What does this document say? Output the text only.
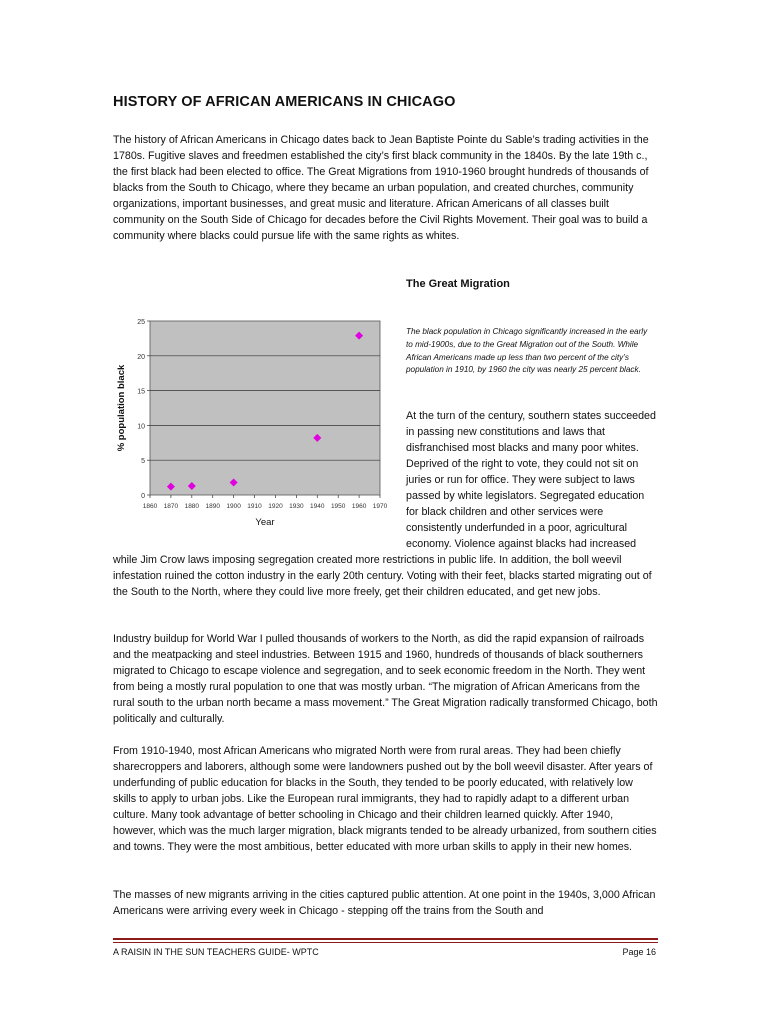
HISTORY OF AFRICAN AMERICANS IN CHICAGO
The history of African Americans in Chicago dates back to Jean Baptiste Pointe du Sable’s trading activities in the 1780s. Fugitive slaves and freedmen established the city’s first black community in the 1840s. By the late 19th c., the first black had been elected to office. The Great Migrations from 1910-1960 brought hundreds of thousands of blacks from the South to Chicago, where they became an urban population, and created churches, community organizations, important businesses, and great music and literature. African Americans of all classes built community on the South Side of Chicago for decades before the Civil Rights Movement. Their goal was to build a community where blacks could pursue life with the same rights as whites.
The Great Migration
0
5
10
15
20
25
1860 1870 1880 1890 1900 1910 1920 1930 1940 1950 1960 1970
Year
% population black
The black population in Chicago significantly increased in the early to mid-1900s, due to the Great Migration out of the South. While African Americans made up less than two percent of the city’s population in 1910, by 1960 the city was nearly 25 percent black.
At the turn of the century, southern states succeeded in passing new constitutions and laws that disfranchised most blacks and many poor whites. Deprived of the right to vote, they could not sit on juries or run for office. They were subject to laws passed by white legislators. Segregated education for black children and other services were consistently underfunded in a poor, agricultural economy. Violence against blacks had increased while Jim Crow laws imposing segregation created more restrictions in public life. In addition, the boll weevil infestation ruined the cotton industry in the early 20th century. Voting with their feet, blacks started migrating out of the South to the North, where they could live more freely, get their children educated, and get new jobs.
Industry buildup for World War I pulled thousands of workers to the North, as did the rapid expansion of railroads and the meatpacking and steel industries. Between 1915 and 1960, hundreds of thousands of black southerners migrated to Chicago to escape violence and segregation, and to seek economic freedom in the North. They went from being a mostly rural population to one that was mostly urban. “The migration of African Americans from the rural south to the urban north became a mass movement.” The Great Migration radically transformed Chicago, both politically and culturally.
From 1910-1940, most African Americans who migrated North were from rural areas. They had been chiefly sharecroppers and laborers, although some were landowners pushed out by the boll weevil disaster. After years of underfunding of public education for blacks in the South, they tended to be poorly educated, with relatively low skills to apply to urban jobs. Like the European rural immigrants, they had to rapidly adapt to a different urban culture. Many took advantage of better schooling in Chicago and their children learned quickly. After 1940, however, which was the much larger migration, black migrants tended to be already urbanized, from southern cities and towns. They were the most ambitious, better educated with more urban skills to apply in their new homes.
The masses of new migrants arriving in the cities captured public attention. At one point in the 1940s, 3,000 African Americans were arriving every week in Chicago - stepping off the trains from the South and
A RAISIN IN THE SUN TEACHERS GUIDE- WPTC	Page 16
